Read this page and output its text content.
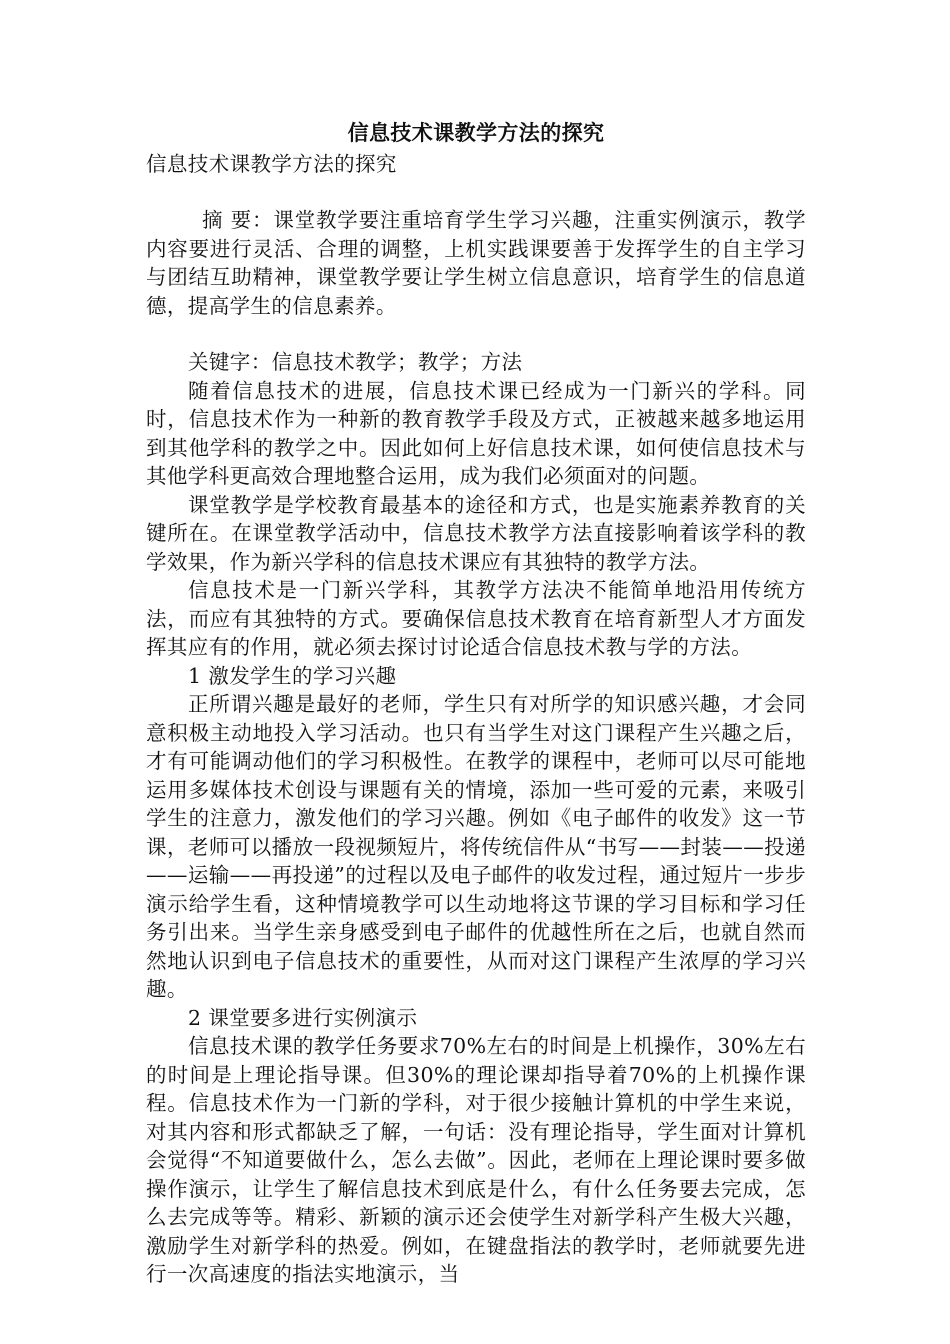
信息技术课教学方法的探究
信息技术课教学方法的探究

摘 要：课堂教学要注重培育学生学习兴趣，注重实例演示，教学内容要进行灵活、合理的调整，上机实践课要善于发挥学生的自主学习与团结互助精神，课堂教学要让学生树立信息意识，培育学生的信息道德，提高学生的信息素养。

关键字：信息技术教学；教学；方法

随着信息技术的进展，信息技术课已经成为一门新兴的学科。同时，信息技术作为一种新的教育教学手段及方式，正被越来越多地运用到其他学科的教学之中。因此如何上好信息技术课，如何使信息技术与其他学科更高效合理地整合运用，成为我们必须面对的问题。

课堂教学是学校教育最基本的途径和方式，也是实施素养教育的关键所在。在课堂教学活动中，信息技术教学方法直接影响着该学科的教学效果，作为新兴学科的信息技术课应有其独特的教学方法。

信息技术是一门新兴学科，其教学方法决不能简单地沿用传统方法，而应有其独特的方式。要确保信息技术教育在培育新型人才方面发挥其应有的作用，就必须去探讨讨论适合信息技术教与学的方法。

1 激发学生的学习兴趣

正所谓兴趣是最好的老师，学生只有对所学的知识感兴趣，才会同意积极主动地投入学习活动。也只有当学生对这门课程产生兴趣之后，才有可能调动他们的学习积极性。在教学的课程中，老师可以尽可能地运用多媒体技术创设与课题有关的情境，添加一些可爱的元素，来吸引学生的注意力，激发他们的学习兴趣。例如《电子邮件的收发》这一节课，老师可以播放一段视频短片，将传统信件从“书写——封装——投递——运输——再投递”的过程以及电子邮件的收发过程，通过短片一步步演示给学生看，这种情境教学可以生动地将这节课的学习目标和学习任务引出来。当学生亲身感受到电子邮件的优越性所在之后，也就自然而然地认识到电子信息技术的重要性，从而对这门课程产生浓厚的学习兴趣。

2 课堂要多进行实例演示

信息技术课的教学任务要求70%左右的时间是上机操作，30%左右的时间是上理论指导课。但30%的理论课却指导着70%的上机操作课程。信息技术作为一门新的学科，对于很少接触计算机的中学生来说，对其内容和形式都缺乏了解，一句话：没有理论指导，学生面对计算机会觉得“不知道要做什么，怎么去做”。因此，老师在上理论课时要多做操作演示，让学生了解信息技术到底是什么，有什么任务要去完成，怎么去完成等等。精彩、新颖的演示还会使学生对新学科产生极大兴趣，激励学生对新学科的热爱。例如，在键盘指法的教学时，老师就要先进行一次高速度的指法实地演示，当
